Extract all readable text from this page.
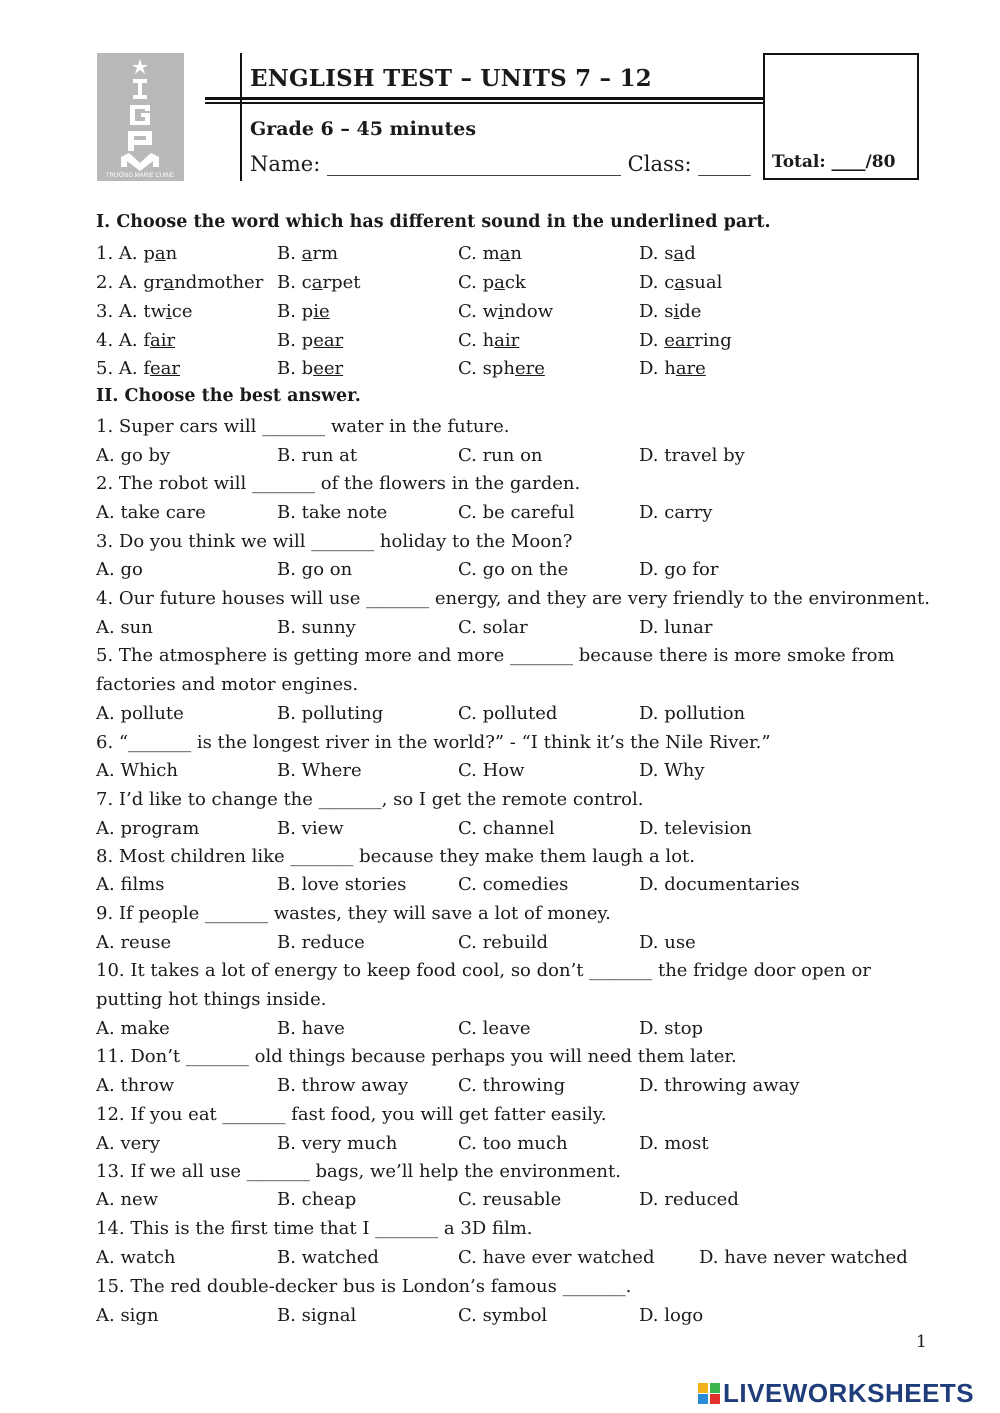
TRƯỜNG MARIE CURIE
ENGLISH TEST – UNITS 7 – 12
Grade 6 – 45 minutes
Name: ____________________________ Class: _____ Total: ____/80
I. Choose the word which has different sound in the underlined part.
1. A. pan	B. arm	C. man	D. sad
2. A. grandmother B. carpet	C. pack	D. casual
3. A. twice	B. pie	C. window	D. side
4. A. fair	B. pear	C. hair	D. earring
5. A. fear	B. beer	C. sphere	D. hare
II. Choose the best answer.
1. Super cars will _______ water in the future.
A. go by	B. run at	C. run on	D. travel by
2. The robot will _______ of the flowers in the garden.
A. take care	B. take note	C. be careful	D. carry
3. Do you think we will _______ holiday to the Moon?
A. go	B. go on	C. go on the	D. go for
4. Our future houses will use _______ energy, and they are very friendly to the environment.
A. sun	B. sunny	C. solar	D. lunar
5. The atmosphere is getting more and more _______ because there is more smoke from factories and motor engines.
A. pollute	B. polluting	C. polluted	D. pollution
6. “_______ is the longest river in the world?” - “I think it’s the Nile River.”
A. Which	B. Where	C. How	D. Why
7. I’d like to change the _______, so I get the remote control.
A. program	B. view	C. channel	D. television
8. Most children like _______ because they make them laugh a lot.
A. films	B. love stories	C. comedies	D. documentaries
9. If people _______ wastes, they will save a lot of money.
A. reuse	B. reduce	C. rebuild	D. use
10. It takes a lot of energy to keep food cool, so don’t _______ the fridge door open or putting hot things inside.
A. make	B. have	C. leave	D. stop
11. Don’t _______ old things because perhaps you will need them later.
A. throw	B. throw away	C. throwing	D. throwing away
12. If you eat _______ fast food, you will get fatter easily.
A. very	B. very much	C. too much	D. most
13. If we all use _______ bags, we’ll help the environment.
A. new	B. cheap	C. reusable	D. reduced
14. This is the first time that I _______ a 3D film.
A. watch	B. watched	C. have ever watched D. have never watched
15. The red double-decker bus is London’s famous _______.
A. sign	B. signal	C. symbol	D. logo
1
LIVEWORKSHEETS
